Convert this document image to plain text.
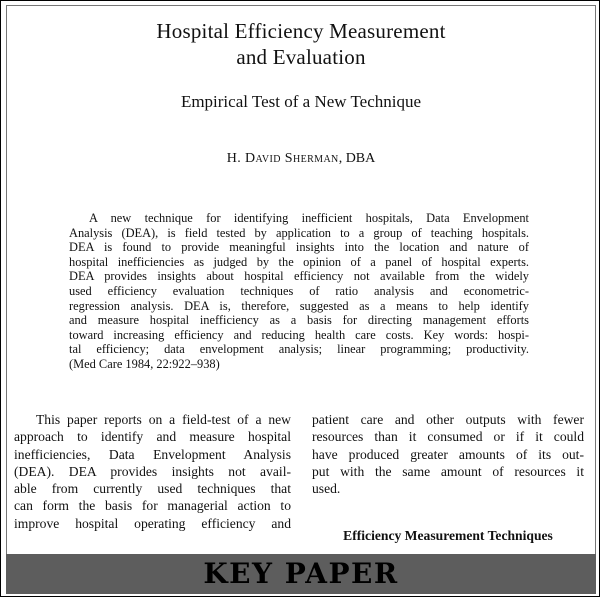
Hospital Efficiency Measurement
and Evaluation
Empirical Test of a New Technique
H. David Sherman, DBA
A new technique for identifying inefficient hospitals, Data Envelopment
Analysis (DEA), is field tested by application to a group of teaching hospitals.
DEA is found to provide meaningful insights into the location and nature of
hospital inefficiencies as judged by the opinion of a panel of hospital experts.
DEA provides insights about hospital efficiency not available from the widely
used efficiency evaluation techniques of ratio analysis and econometric-
regression analysis. DEA is, therefore, suggested as a means to help identify
and measure hospital inefficiency as a basis for directing management efforts
toward increasing efficiency and reducing health care costs. Key words: hospi-
tal efficiency; data envelopment analysis; linear programming; productivity.
(Med Care 1984, 22:922–938)
This paper reports on a field-test of a new
approach to identify and measure hospital
inefficiencies, Data Envelopment Analysis
(DEA). DEA provides insights not avail-
able from currently used techniques that
can form the basis for managerial action to
improve hospital operating efficiency and
patient care and other outputs with fewer
resources than it consumed or if it could
have produced greater amounts of its out-
put with the same amount of resources it
used.
Efficiency Measurement Techniques
KEY PAPER
